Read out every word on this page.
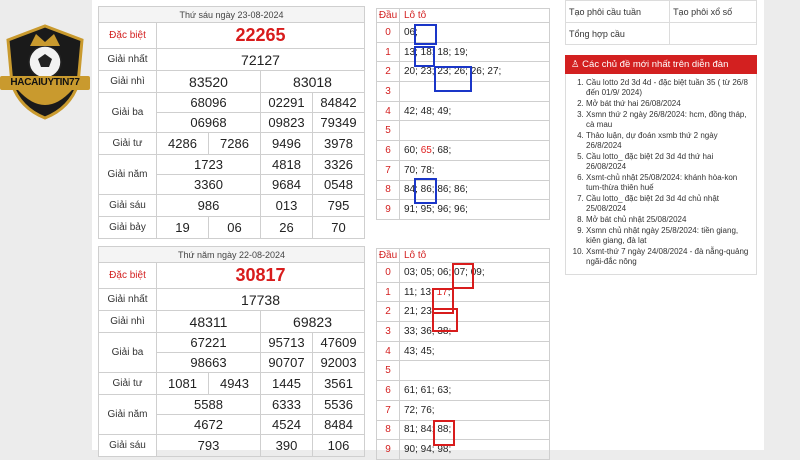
HACAIUYTIN77
Thứ sáu ngày 23-08-2024				
Đặc biệt	22265			
Giải nhất	72127			
Giải nhì	83520		83018	
Giải ba	68096		02291	84842
	06968		09823	79349
Giải tư	4286	7286	9496	3978
Giải năm	1723		4818	3326
	3360		9684	0548
Giải sáu	986		013	795
Giải bảy	19	06	26	70
Đầu	Lô tô
0	06;
1	13; 18; 18; 19;
2	20; 23; 23; 26; 26; 27;
3	
4	42; 48; 49;
5	
6	60; 65; 68;
7	70; 78;
8	84; 86; 86; 86;
9	91; 95; 96; 96;
Thứ năm ngày 22-08-2024				
Đặc biệt	30817			
Giải nhất	17738			
Giải nhì	48311		69823	
Giải ba	67221		95713	47609
	98663		90707	92003
Giải tư	1081	4943	1445	3561
Giải năm	5588		6333	5536
	4672		4524	8484
Giải sáu	793		390	106
Đầu	Lô tô
0	03; 05; 06; 07; 09;
1	11; 13; 17;
2	21; 23;
3	33; 36; 38;
4	43; 45;
5	
6	61; 61; 63;
7	72; 76;
8	81; 84; 88;
9	90; 94; 98;
Tạo phôi cầu tuần	Tạo phôi xổ số
Tổng hợp cầu	
♙ Các chủ đề mới nhất trên diễn đàn
1. Cầu lotto 2d 3d 4d - đặc biệt tuần 35 ( từ 26/8 đến 01/9/ 2024)
2. Mở bát thứ hai 26/08/2024
3. Xsmn thứ 2 ngày 26/8/2024: hcm, đồng tháp, cà mau
4. Thảo luận, dự đoán xsmb thứ 2 ngày 26/8/2024
5. Cầu lotto_ đặc biệt 2d 3d 4d thứ hai 26/08/2024
6. Xsmt-chủ nhật 25/08/2024: khánh hòa-kon tum-thừa thiên huế
7. Cầu lotto_ đặc biệt 2d 3d 4d chủ nhật 25/08/2024
8. Mở bát chủ nhật 25/08/2024
9. Xsmn chủ nhật ngày 25/8/2024: tiền giang, kiên giang, đà lạt
10. Xsmt-thứ 7 ngày 24/08/2024 - đà nẵng-quảng ngãi-đắc nông
